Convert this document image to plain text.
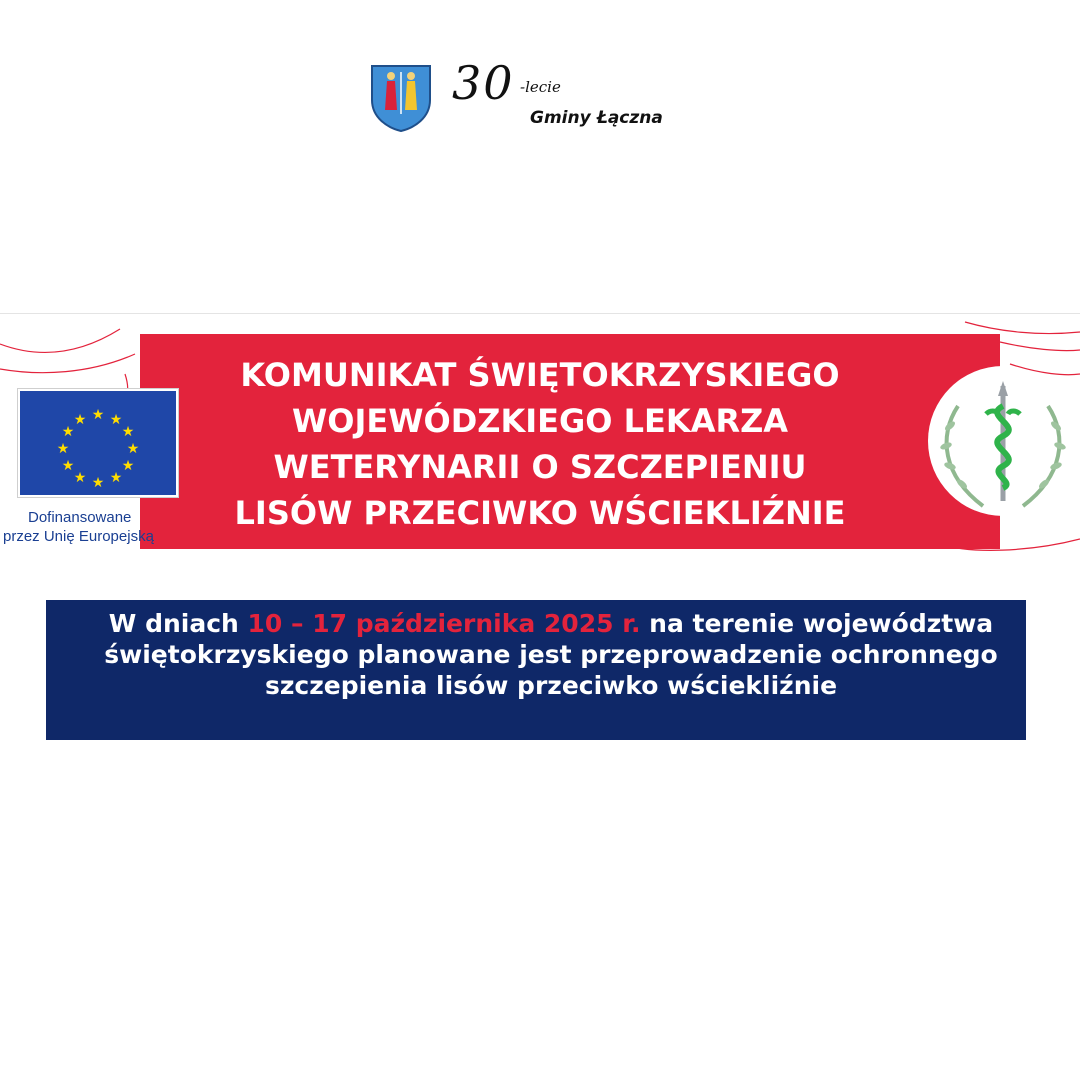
30 -lecie
Gminy Łączna

KOMUNIKAT ŚWIĘTOKRZYSKIEGO
WOJEWÓDZKIEGO LEKARZA
WETERYNARII O SZCZEPIENIU
LISÓW PRZECIWKO WŚCIEKLIŹNIE

★ ★
★
★
★
★
★
★
★
★
★
★
Dofinansowane
przez Unię Europejską

W dniach 10 – 17 października 2025 r. na terenie województwa świętokrzyskiego planowane jest przeprowadzenie ochronnego szczepienia lisów przeciwko wściekliźnie
